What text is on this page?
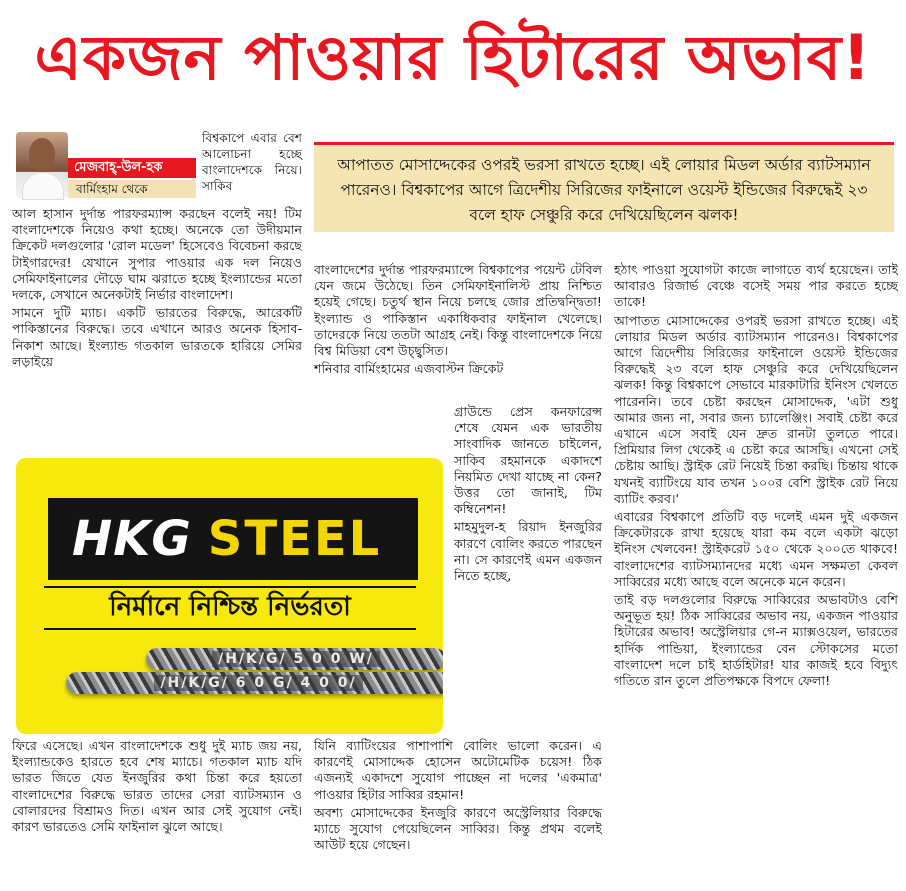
একজন পাওয়ার হিটারের অভাব!
মেজবাহ্-উল-হক
বার্মিংহাম থেকে
বিশ্বকাপে এবার বেশ আলোচনা হচ্ছে বাংলাদেশকে নিয়ে। সাকিব

আল হাসান দুর্দান্ত পারফরম্যান্স করছেন বলেই নয়! টিম বাংলাদেশকে নিয়েও কথা হচ্ছে। অনেকে তো উদীয়মান ক্রিকেট দলগুলোর 'রোল মডেল' হিসেবেও বিবেচনা করছে টাইগারদের! যেখানে সুপার পাওয়ার এক দল নিয়েও সেমিফাইনালের দৌড়ে ঘাম ঝরাতে হচ্ছে ইংল্যান্ডের মতো দলকে, সেখানে অনেকটাই নির্ভার বাংলাদেশ।

সামনে দুটি ম্যাচ। একটি ভারতের বিরুদ্ধে, আরেকটি পাকিস্তানের বিরুদ্ধে। তবে এখানে আরও অনেক হিসাব-নিকাশ আছে। ইংল্যান্ড গতকাল ভারতকে হারিয়ে সেমির লড়াইয়ে

আপাতত মোসাদ্দেকের ওপরই ভরসা রাখতে হচ্ছে। এই লোয়ার মিডল অর্ডার ব্যাটসম্যান পারেনও। বিশ্বকাপের আগে ত্রিদেশীয় সিরিজের ফাইনালে ওয়েস্ট ইন্ডিজের বিরুদ্ধেই ২৩ বলে হাফ সেঞ্চুরি করে দেখিয়েছিলেন ঝলক!
HKG STEEL
নির্মানে নিশ্চিন্ত নির্ভরতা
/H/K/G/ 5 0 0 W/
/H/K/G/ 6 0 G/ 4 0 0/

ফিরে এসেছে। এখন বাংলাদেশকে শুধু দুই ম্যাচ জয় নয়, ইংল্যান্ডকেও হারতে হবে শেষ ম্যাচে। গতকাল ম্যাচ যদি ভারত জিতে যেত ইনজুরির কথা চিন্তা করে হয়তো বাংলাদেশের বিরুদ্ধে ভারত তাদের সেরা ব্যাটসম্যান ও বোলারদের বিশ্রামও দিত। এখন আর সেই সুযোগ নেই। কারণ ভারতেও সেমি ফাইনাল ঝুলে আছে।

বাংলাদেশের দুর্দান্ত পারফরম্যান্সে বিশ্বকাপের পয়েন্ট টেবিল যেন জমে উঠেছে। তিন সেমিফাইনালিস্ট প্রায় নিশ্চিত হয়েই গেছে। চতুর্থ স্থান নিয়ে চলছে জোর প্রতিদ্বন্দ্বিতা! ইংল্যান্ড ও পাকিস্তান একাধিকবার ফাইনাল খেলেছে। তাদেরকে নিয়ে ততটা আগ্রহ নেই। কিন্তু বাংলাদেশকে নিয়ে বিশ্ব মিডিয়া বেশ উচ্ছ্বসিত।

শনিবার বার্মিংহামের এজবাস্টন ক্রিকেট

গ্রাউন্ডে প্রেস কনফারেন্স শেষে যেমন এক ভারতীয় সাংবাদিক জানতে চাইলেন, সাকিব রহমানকে একাদশে নিয়মিত দেখা যাচ্ছে না কেন? উত্তর তো জানাই, টিম কম্বিনেশন!

মাহমুদুল-হ রিয়াদ ইনজুরির কারণে বোলিং করতে পারছেন না। সে কারণেই এমন একজন নিতে হচ্ছে,

যিনি ব্যাটিংয়ের পাশাপাশি বোলিং ভালো করেন। এ কারণেই মোসাদ্দেক হোসেন অটোমেটিক চয়েস! ঠিক এজন্যই একাদশে সুযোগ পাচ্ছেন না দলের 'একমাত্র' পাওয়ার হিটার সাব্বির রহমান!

অবশ্য মোসাদ্দেকের ইনজুরি কারণে অস্ট্রেলিয়ার বিরুদ্ধে ম্যাচে সুযোগ পেয়েছিলেন সাব্বির। কিন্তু প্রথম বলেই আউট হয়ে গেছেন।

হঠাৎ পাওয়া সুযোগটা কাজে লাগাতে ব্যর্থ হয়েছেন। তাই আবারও রিজার্ভ বেঞ্চে বসেই সময় পার করতে হচ্ছে তাকে!

আপাতত মোসাদ্দেকের ওপরই ভরসা রাখতে হচ্ছে। এই লোয়ার মিডল অর্ডার ব্যাটসম্যান পারেনও। বিশ্বকাপের আগে ত্রিদেশীয় সিরিজের ফাইনালে ওয়েস্ট ইন্ডিজের বিরুদ্ধেই ২৩ বলে হাফ সেঞ্চুরি করে দেখিয়েছিলেন ঝলক! কিন্তু বিশ্বকাপে সেভাবে মারকাটারি ইনিংস খেলতে পারেননি। তবে চেষ্টা করছেন মোসাদ্দেক, 'এটা শুধু আমার জন্য না, সবার জন্য চ্যালেঞ্জিং। সবাই চেষ্টা করে এখানে এসে সবাই যেন দ্রুত রানটা তুলতে পারে। প্রিমিয়ার লিগ থেকেই এ চেষ্টা করে আসছি। এখনো সেই চেষ্টায় আছি। স্ট্রাইক রেট নিয়েই চিন্তা করছি। চিন্তায় থাকে যখনই ব্যাটিংয়ে যাব তখন ১০০র বেশি স্ট্রাইক রেট নিয়ে ব্যাটিং করব।'

এবারের বিশ্বকাপে প্রতিটি বড় দলেই এমন দুই একজন ক্রিকেটারকে রাখা হয়েছে যারা কম বলে একটা ঝড়ো ইনিংস খেলবেন! স্ট্রাইকরেট ১৫০ থেকে ২০০তে থাকবে! বাংলাদেশের ব্যাটসম্যানদের মধ্যে এমন সক্ষমতা কেবল সাব্বিরের মধ্যে আছে বলে অনেকে মনে করেন।

তাই বড় দলগুলোর বিরুদ্ধে সাব্বিরের অভাবটাও বেশি অনুভূত হয়! ঠিক সাব্বিরের অভাব নয়, একজন পাওয়ার হিটারের অভাব! অস্ট্রেলিয়ার গে-ন ম্যাক্সওয়েল, ভারতের হার্দিক পান্ডিয়া, ইংল্যান্ডের বেন স্টোকসের মতো বাংলাদেশ দলে চাই হার্ডহিটার! যার কাজই হবে বিদ্যুৎ গতিতে রান তুলে প্রতিপক্ষকে বিপদে ফেলা!
